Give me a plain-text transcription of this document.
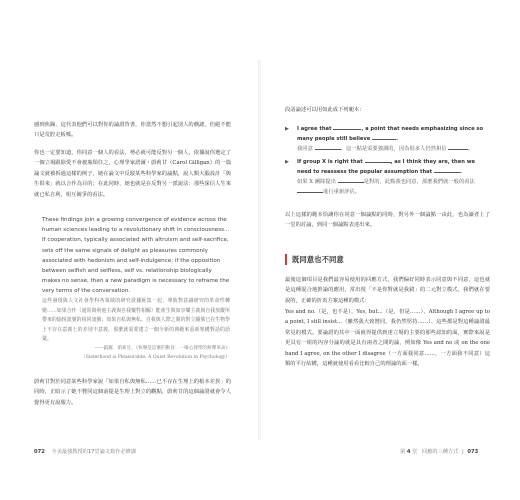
感到焦躁，這代表他們可以對你的論證背書，你當然不想引起別人的戲謔，但絕不能只是荒腔走板嗎。
你也一定要知道，你同意一個人的看法，勢必就可能反對另一個人，依據說你選定了一個立場跟除愛不會被瓶頸住之，心理學家諾爾・蔚莉甘（Carol Gilligan）的一篇論文就被拆過這樣的例子，她在論文中反駁某些科學家的論點，說人類大腦設計「與生俱來」就以合作為目的；在此同時，她也就是在反對另一派說法：那些深信人生來就已私自利，相互競爭的看法。
These findings join a growing convergence of evidence across the human sciences leading to a revolutionary shift in consciousness... If cooperation, typically associated with altruism and self-sacrifice, sets off the same signals of delight as pleasures commonly associated with hedonism and self-indulgence; if the opposition between selfish and selfless, self vs. relationship biologically makes no sense, then a new paradigm is necessary to reframe the very terms of the conversation.
這些發現與人文社會學科各領域的研究證據匯集一起，導致對意識研究的革命性轉變……如果合作（通常與利他主義與自我犧牲相關）能產生與如享樂主義與自我放縱所帶來的愉悅訊號的相同訊號；如果自私與無私、自我與人際之間的對立關係已在生物學上不存在意義上的差別不意義，那麼就需要建立一個全新的典範來重新架構對話的語彙。
——凱羅．蔚莉甘，《快樂是這麼的動員：一場心理學的無聲革命》
（Sisterhood is Pleasurable: A Quiet Revolution in Psychology）
蔚莉甘對於同意某些科學家說「如果自私與無私……已不存在生理上的根本差異」的同時，正暗示了她不贊同這個前提是生理上對立的觀點，蔚莉甘的這個論證就會令人覺得更有說服力。
072 全美最強教授的17堂論文寫作必修課
段話論述可以用如此成下列範本：
▶ I agree that	, a point that needs emphasizing since so many people still believe	.
我同意	，這一點是需要強調的，因為很多人仍然相信	。
▶ If group X is right that	, as I think they are, then we need to reassess the popular assumption that	.
如果 X 團隊提出	是對的，此點我也同意，那麼我們就一般的看法 進行重新評估。
以上這樣的範本恰讓你在同意一個論點的同時，對另外一個論點一由此，也為讀者上了一堂的討論，到同一個論點表達出來。
既同意也不同意
最後這個項目是我們最容易使用的回應方式，我們偏好同時表示同意與不同意，這也就是這種混合地推論的應用，常出現「不是你對就是我錯」的二元對立模式，我們就在要說的，正確的折衷方案這種的模式：
Yes and no.（是，也不是）、Yes, but...（是，但是……）、Although I agree up to a point, I still insist...（雖然我大致贊同，我仍然堅持……）、這些都是對這種論證最常見的模式。要論證的其中一面就得提供到達立場的主要的那些認知的面，實際來說是更具有一組的內容分論的就是具有兩者之間的論，例如像 Yes and no 或 on the one hand I agree, on the other I disagree（一方面我同意……，一方面我不同意）這類的平行結構，這種就使用看看比較自己的理論的面一樣。
第 4 堂 回應的三種方式 | 073
